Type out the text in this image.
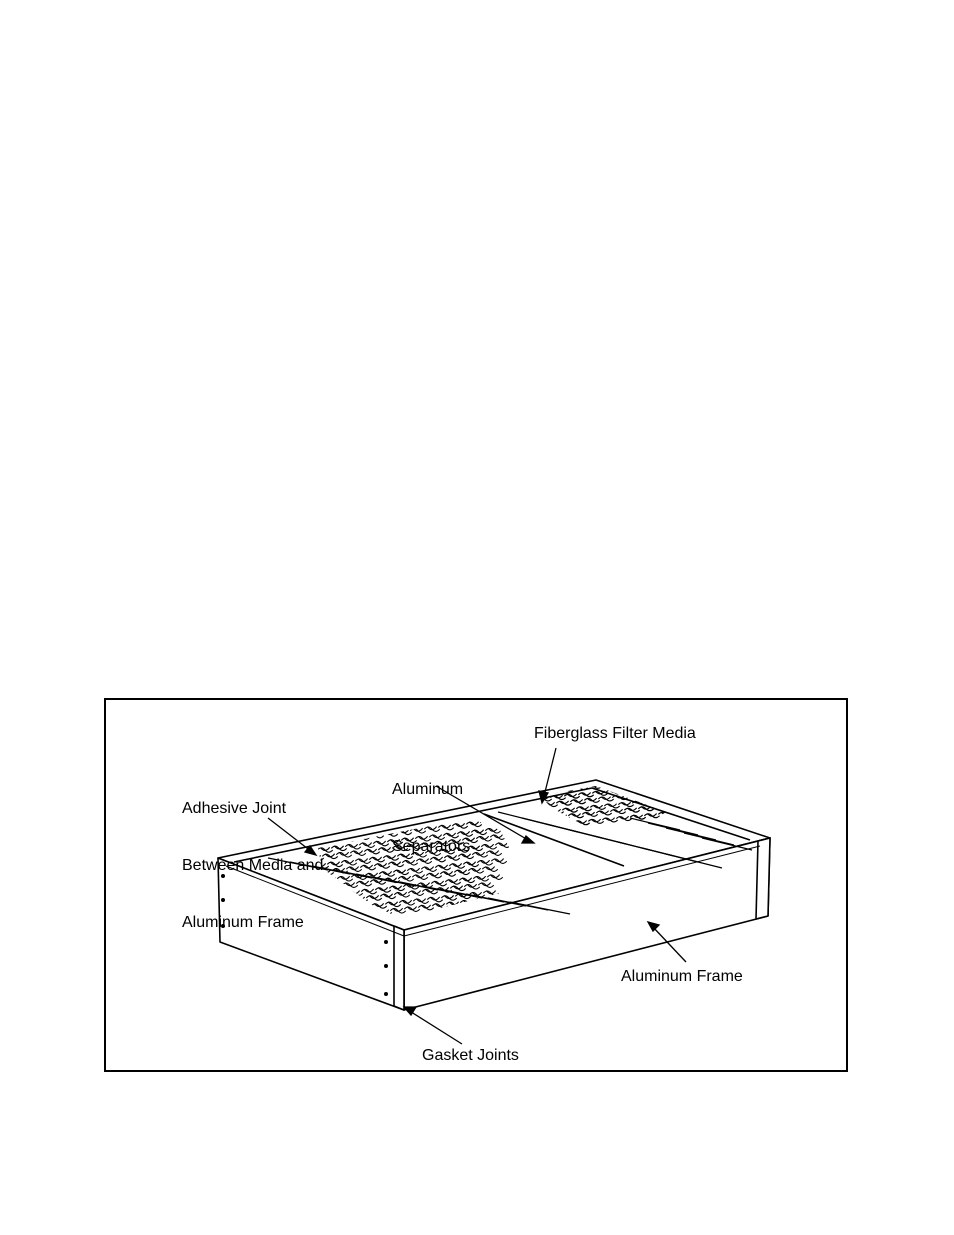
Fiberglass Filter Media

Aluminum

Separators

Adhesive Joint

Between Media and

Aluminum Frame

Aluminum Frame
Gasket Joints
